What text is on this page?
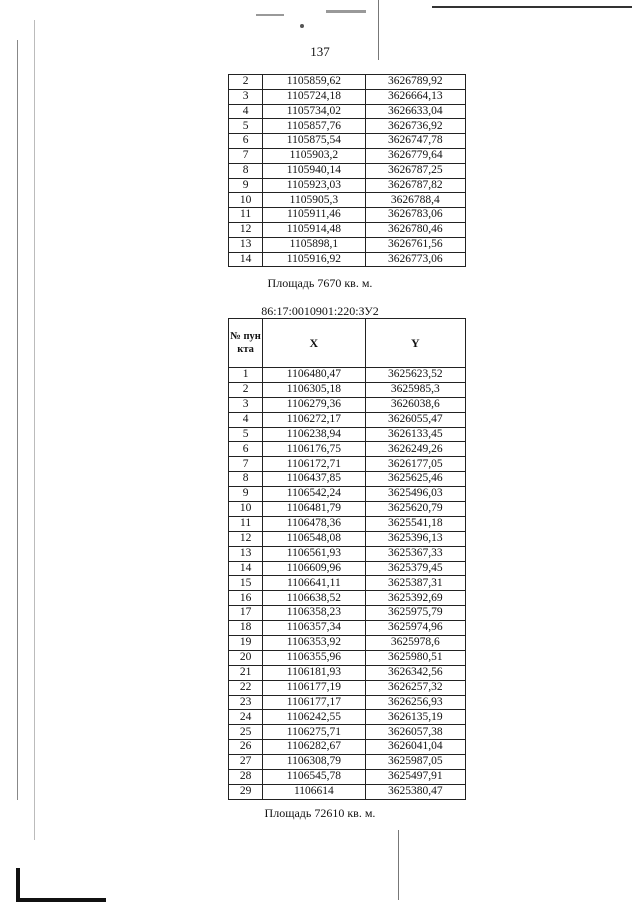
137
2	1105859,62	3626789,92
3	1105724,18	3626664,13
4	1105734,02	3626633,04
5	1105857,76	3626736,92
6	1105875,54	3626747,78
7	1105903,2	3626779,64
8	1105940,14	3626787,25
9	1105923,03	3626787,82
10	1105905,3	3626788,4
11	1105911,46	3626783,06
12	1105914,48	3626780,46
13	1105898,1	3626761,56
14	1105916,92	3626773,06
Площадь 7670 кв. м.
86:17:0010901:220:ЗУ2
№ пун кта	X	Y
1	1106480,47	3625623,52
2	1106305,18	3625985,3
3	1106279,36	3626038,6
4	1106272,17	3626055,47
5	1106238,94	3626133,45
6	1106176,75	3626249,26
7	1106172,71	3626177,05
8	1106437,85	3625625,46
9	1106542,24	3625496,03
10	1106481,79	3625620,79
11	1106478,36	3625541,18
12	1106548,08	3625396,13
13	1106561,93	3625367,33
14	1106609,96	3625379,45
15	1106641,11	3625387,31
16	1106638,52	3625392,69
17	1106358,23	3625975,79
18	1106357,34	3625974,96
19	1106353,92	3625978,6
20	1106355,96	3625980,51
21	1106181,93	3626342,56
22	1106177,19	3626257,32
23	1106177,17	3626256,93
24	1106242,55	3626135,19
25	1106275,71	3626057,38
26	1106282,67	3626041,04
27	1106308,79	3625987,05
28	1106545,78	3625497,91
29	1106614	3625380,47
Площадь 72610 кв. м.
